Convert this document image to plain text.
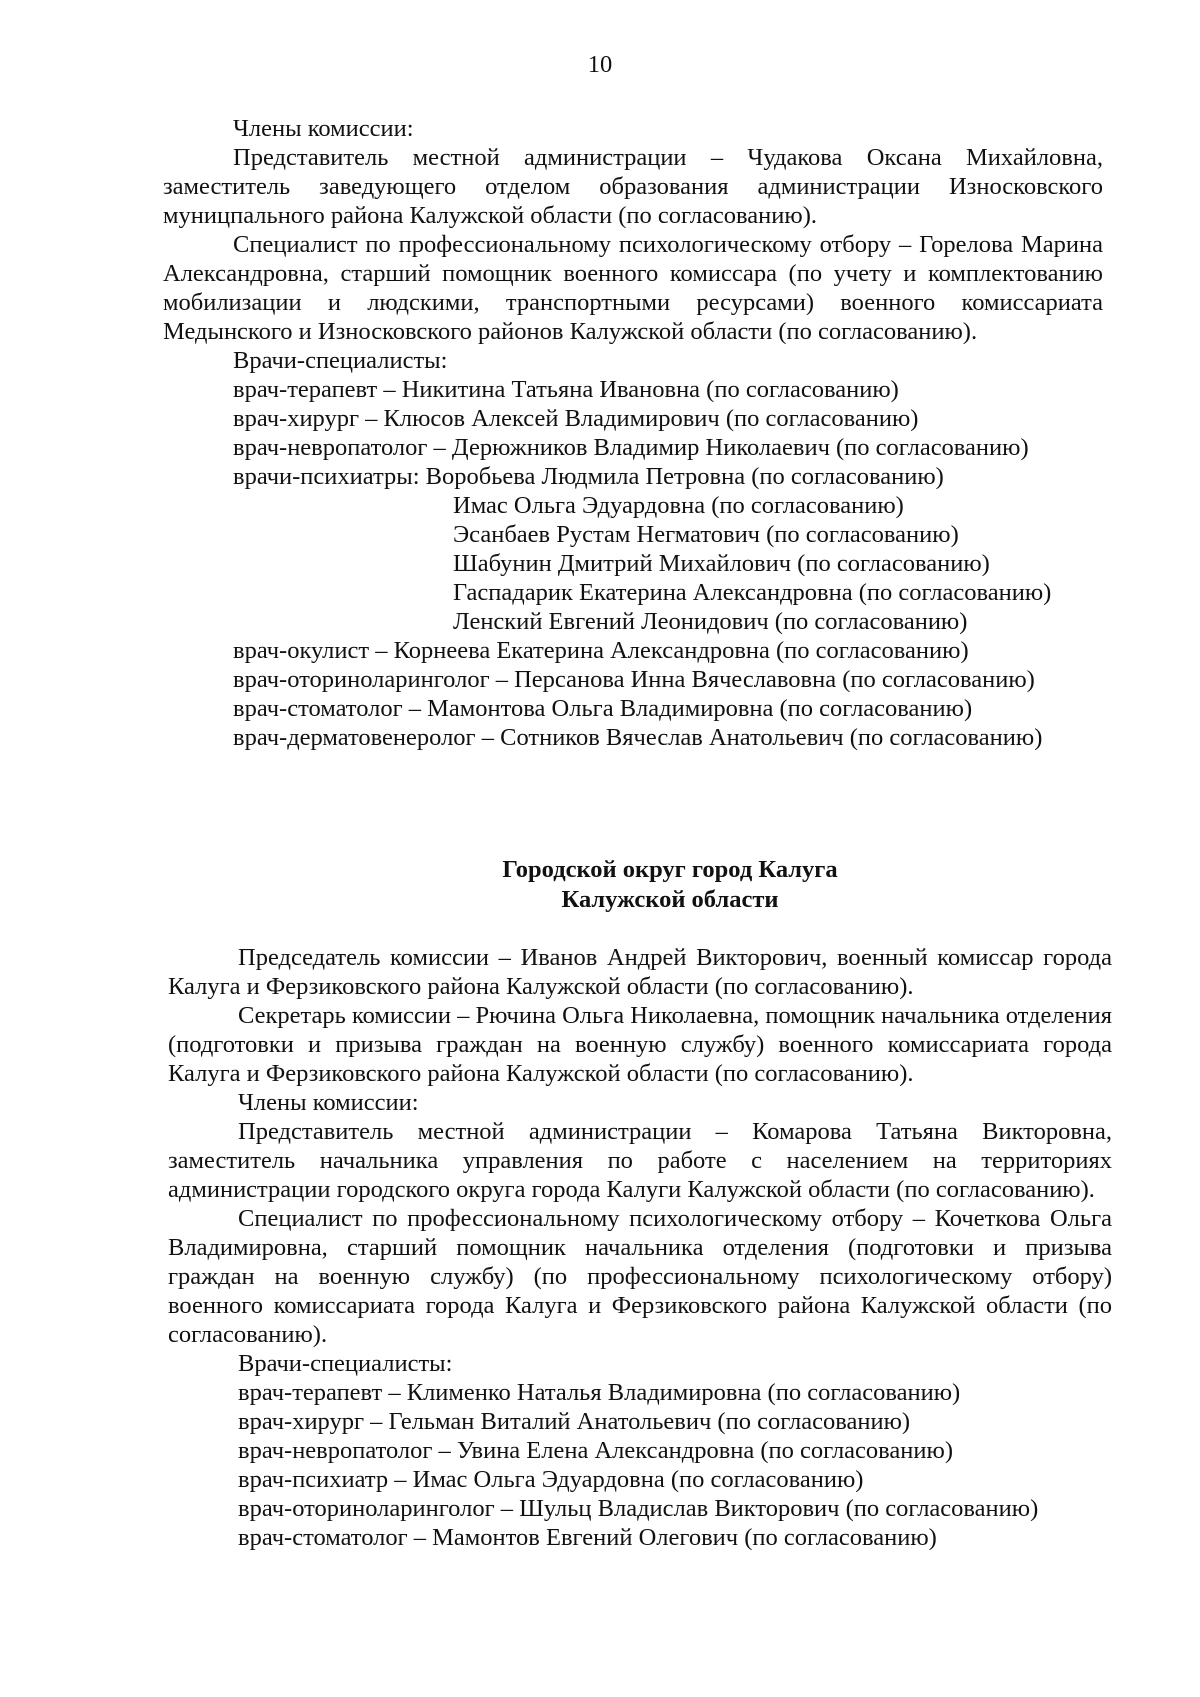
10

Члены комиссии:

Представитель местной администрации – Чудакова Оксана Михайловна, заместитель заведующего отделом образования администрации Износковского муницпального района Калужской области (по согласованию).

Специалист по профессиональному психологическому отбору – Горелова Марина Александровна, старший помощник военного комиссара (по учету и комплектованию мобилизации и людскими, транспортными ресурсами) военного комиссариата Медынского и Износковского районов Калужской области (по согласованию).

Врачи-специалисты:

врач-терапевт – Никитина Татьяна Ивановна (по согласованию)

врач-хирург – Клюсов Алексей Владимирович (по согласованию)

врач-невропатолог – Дерюжников Владимир Николаевич (по согласованию)

врачи-психиатры: Воробьева Людмила Петровна (по согласованию)

Имас Ольга Эдуардовна (по согласованию)

Эсанбаев Рустам Негматович (по согласованию)

Шабунин Дмитрий Михайлович (по согласованию)

Гаспадарик Екатерина Александровна (по согласованию)

Ленский Евгений Леонидович (по согласованию)

врач-окулист – Корнеева Екатерина Александровна (по согласованию)

врач-оториноларинголог – Персанова Инна Вячеславовна (по согласованию)

врач-стоматолог – Мамонтова Ольга Владимировна (по согласованию)

врач-дерматовенеролог – Сотников Вячеслав Анатольевич (по согласованию)

Городской округ город Калуга
Калужской области

Председатель комиссии – Иванов Андрей Викторович, военный комиссар города Калуга и Ферзиковского района Калужской области (по согласованию).

Секретарь комиссии – Рючина Ольга Николаевна, помощник начальника отделения (подготовки и призыва граждан на военную службу) военного комиссариата города Калуга и Ферзиковского района Калужской области (по согласованию).

Члены комиссии:

Представитель местной администрации – Комарова Татьяна Викторовна, заместитель начальника управления по работе с населением на территориях администрации городского округа города Калуги Калужской области (по согласованию).

Специалист по профессиональному психологическому отбору – Кочеткова Ольга Владимировна, старший помощник начальника отделения (подготовки и призыва граждан на военную службу) (по профессиональному психологическому отбору) военного комиссариата города Калуга и Ферзиковского района Калужской области (по согласованию).

Врачи-специалисты:

врач-терапевт – Клименко Наталья Владимировна (по согласованию)

врач-хирург – Гельман Виталий Анатольевич (по согласованию)

врач-невропатолог – Увина Елена Александровна (по согласованию)

врач-психиатр – Имас Ольга Эдуардовна (по согласованию)

врач-оториноларинголог – Шульц Владислав Викторович (по согласованию)

врач-стоматолог – Мамонтов Евгений Олегович (по согласованию)
